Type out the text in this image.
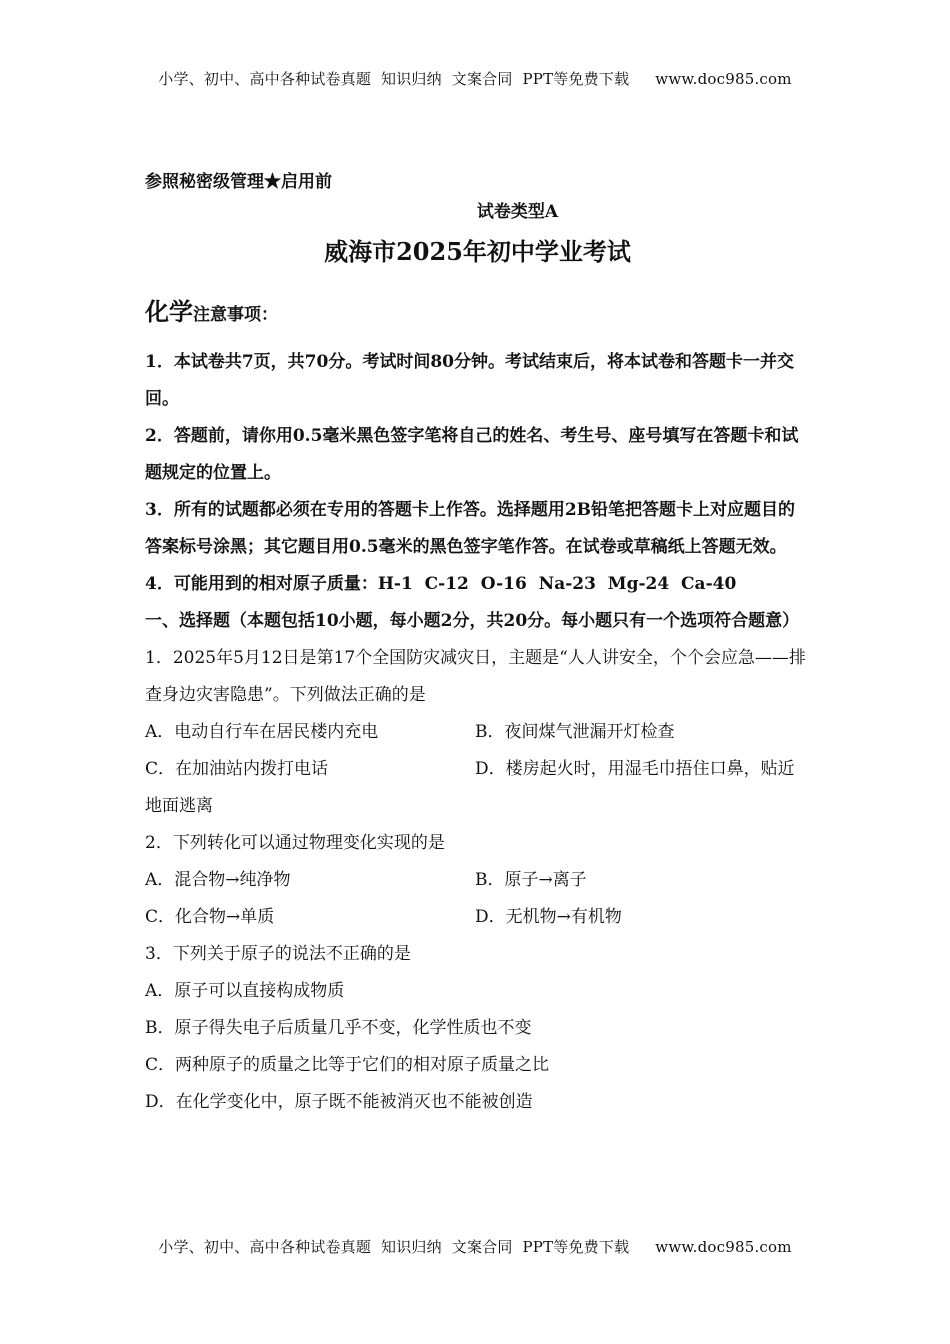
小学、初中、高中各种试卷真题  知识归纳  文案合同  PPT等免费下载 www.doc985.com
参照秘密级管理★启用前
试卷类型A
威海市2025年初中学业考试
化学注意事项：

1．本试卷共7页，共70分。考试时间80分钟。考试结束后，将本试卷和答题卡一并交回。

2．答题前，请你用0.5毫米黑色签字笔将自己的姓名、考生号、座号填写在答题卡和试题规定的位置上。

3．所有的试题都必须在专用的答题卡上作答。选择题用2B铅笔把答题卡上对应题目的答案标号涂黑；其它题目用0.5毫米的黑色签字笔作答。在试卷或草稿纸上答题无效。

4．可能用到的相对原子质量：H-1  C-12  O-16  Na-23  Mg-24  Ca-40

一、选择题（本题包括10小题，每小题2分，共20分。每小题只有一个选项符合题意）

1．2025年5月12日是第17个全国防灾减灾日，主题是“人人讲安全，个个会应急——排查身边灾害隐患”。下列做法正确的是

A．电动自行车在居民楼内充电	B．夜间煤气泄漏开灯检查

C．在加油站内拨打电话	D．楼房起火时，用湿毛巾捂住口鼻，贴近地面逃离

2．下列转化可以通过物理变化实现的是

A．混合物→纯净物	B．原子→离子
C．化合物→单质	D．无机物→有机物

3．下列关于原子的说法不正确的是

A．原子可以直接构成物质

B．原子得失电子后质量几乎不变，化学性质也不变

C．两种原子的质量之比等于它们的相对原子质量之比

D．在化学变化中，原子既不能被消灭也不能被创造

小学、初中、高中各种试卷真题  知识归纳  文案合同  PPT等免费下载 www.doc985.com
